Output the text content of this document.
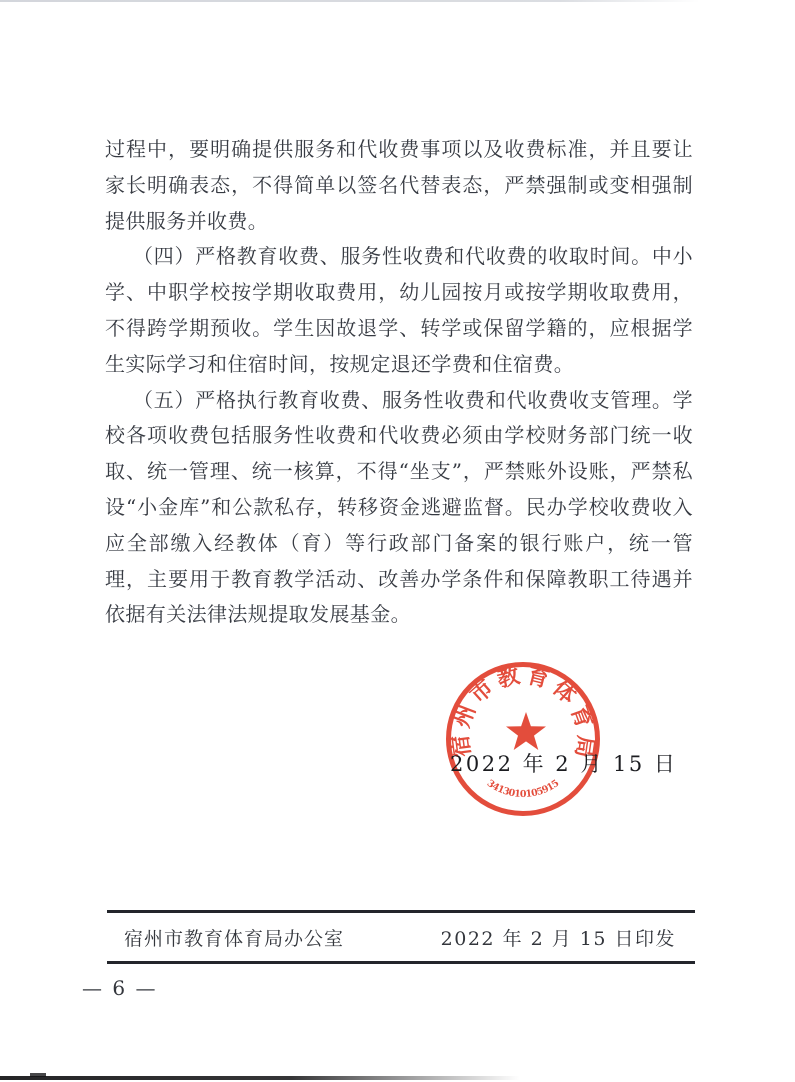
过程中，要明确提供服务和代收费事项以及收费标准，并且要让家长明确表态，不得简单以签名代替表态，严禁强制或变相强制提供服务并收费。

（四）严格教育收费、服务性收费和代收费的收取时间。中小学、中职学校按学期收取费用，幼儿园按月或按学期收取费用，不得跨学期预收。学生因故退学、转学或保留学籍的，应根据学生实际学习和住宿时间，按规定退还学费和住宿费。

（五）严格执行教育收费、服务性收费和代收费收支管理。学校各项收费包括服务性收费和代收费必须由学校财务部门统一收取、统一管理、统一核算，不得“坐支”，严禁账外设账，严禁私设“小金库”和公款私存，转移资金逃避监督。民办学校收费收入应全部缴入经教体（育）等行政部门备案的银行账户，统一管理，主要用于教育教学活动、改善办学条件和保障教职工待遇并依据有关法律法规提取发展基金。

宿州市教育体育局
3413010105915
2022 年 2 月 15 日
宿州市教育体育局办公室	2022 年 2 月 15 日印发
— 6 —
